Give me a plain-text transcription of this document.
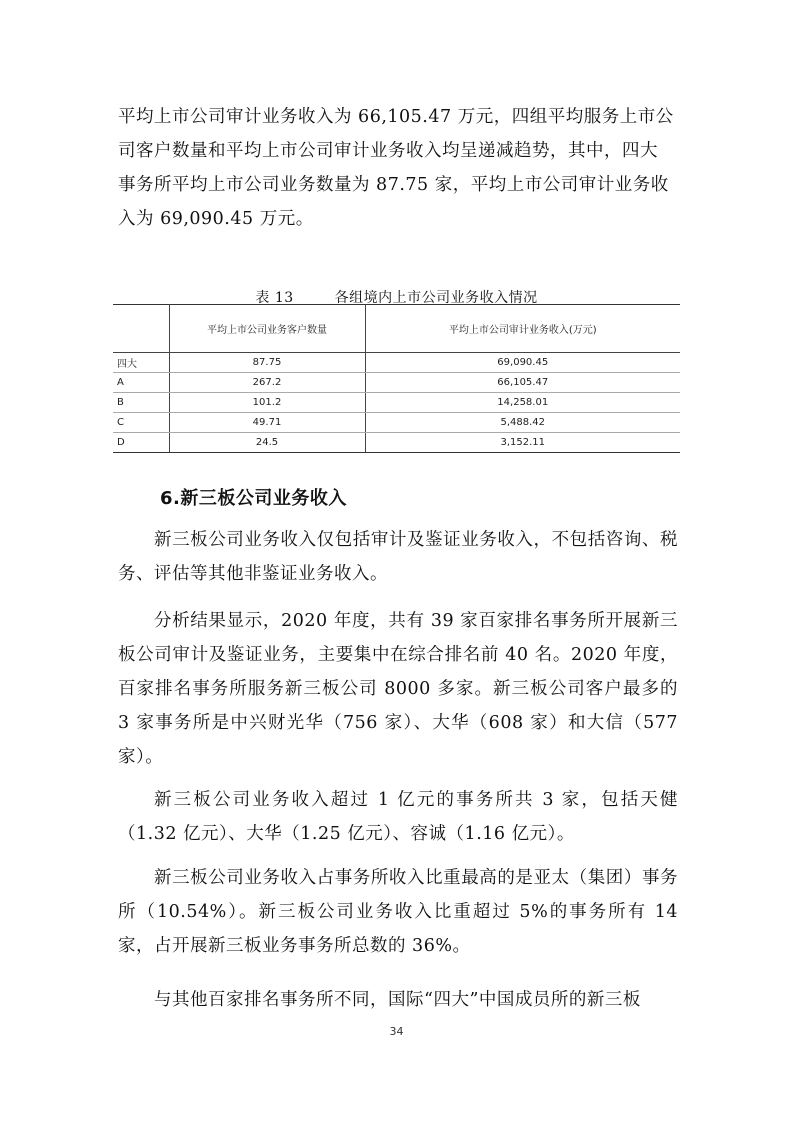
平均上市公司审计业务收入为 66,105.47 万元，四组平均服务上市公
司客户数量和平均上市公司审计业务收入均呈递减趋势，其中，四大
事务所平均上市公司业务数量为 87.75 家，平均上市公司审计业务收
入为 69,090.45 万元。
表 13	各组境内上市公司业务收入情况
	平均上市公司业务客户数量	平均上市公司审计业务收入(万元)
四大	87.75	69,090.45
A	267.2	66,105.47
B	101.2	14,258.01
C	49.71	5,488.42
D	24.5	3,152.11
6.新三板公司业务收入
新三板公司业务收入仅包括审计及鉴证业务收入，不包括咨询、税务、评估等其他非鉴证业务收入。
分析结果显示，2020 年度，共有 39 家百家排名事务所开展新三板公司审计及鉴证业务，主要集中在综合排名前 40 名。2020 年度，百家排名事务所服务新三板公司 8000 多家。新三板公司客户最多的 3 家事务所是中兴财光华（756 家）、大华（608 家）和大信（577 家）。
新三板公司业务收入超过 1 亿元的事务所共 3 家，包括天健（1.32 亿元）、大华（1.25 亿元）、容诚（1.16 亿元）。
新三板公司业务收入占事务所收入比重最高的是亚太（集团）事务所（10.54%）。新三板公司业务收入比重超过 5%的事务所有 14 家，占开展新三板业务事务所总数的 36%。
与其他百家排名事务所不同，国际“四大”中国成员所的新三板
34
